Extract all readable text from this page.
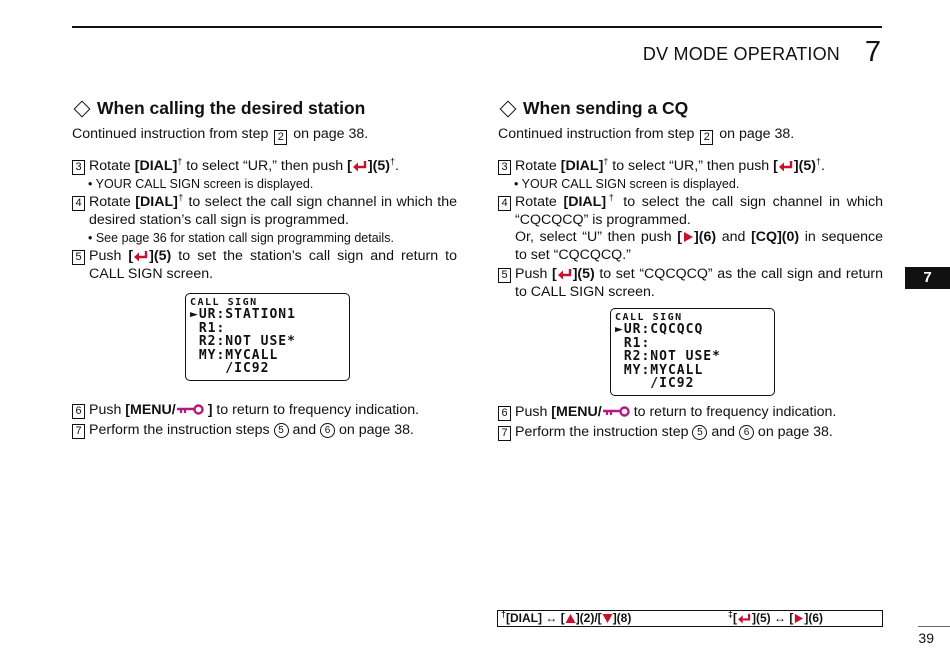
DV MODE OPERATION 7
7
39
When calling the desired station

Continued instruction from step 2 on page 38.

3 Rotate [DIAL]† to select “UR,” then push [ ](5)†.

• YOUR CALL SIGN screen is displayed.

4 Rotate [DIAL]† to select the call sign channel in which the desired station’s call sign is programmed.

• See page 36 for station call sign programming details.

5 Push [ ](5) to set the station’s call sign and return to CALL SIGN screen.
CALL SIGN
►UR:STATION1
R1:
R2:NOT USE*
MY:MYCALL
/IC92
6 Push [MENU/ ] to return to frequency indication.
7 Perform the instruction steps 5 and 6 on page 38.
When sending a CQ

Continued instruction from step 2 on page 38.

3 Rotate [DIAL]† to select “UR,” then push [ ](5)†.

• YOUR CALL SIGN screen is displayed.

4 Rotate [DIAL]† to select the call sign channel in which “CQCQCQ” is programmed.
Or, select “U” then push [ ](6) and [CQ](0) in sequence to set “CQCQCQ.”
5 Push [ ](5) to set “CQCQCQ” as the call sign and return to CALL SIGN screen.
CALL SIGN
►UR:CQCQCQ
R1:
R2:NOT USE*
MY:MYCALL
/IC92
6 Push [MENU/ to return to frequency indication.
7 Perform the instruction step 5 and 6 on page 38.
†[DIAL] ↔ [ ](2)/[ ](8)	‡[ ](5) ↔ [ ](6)
